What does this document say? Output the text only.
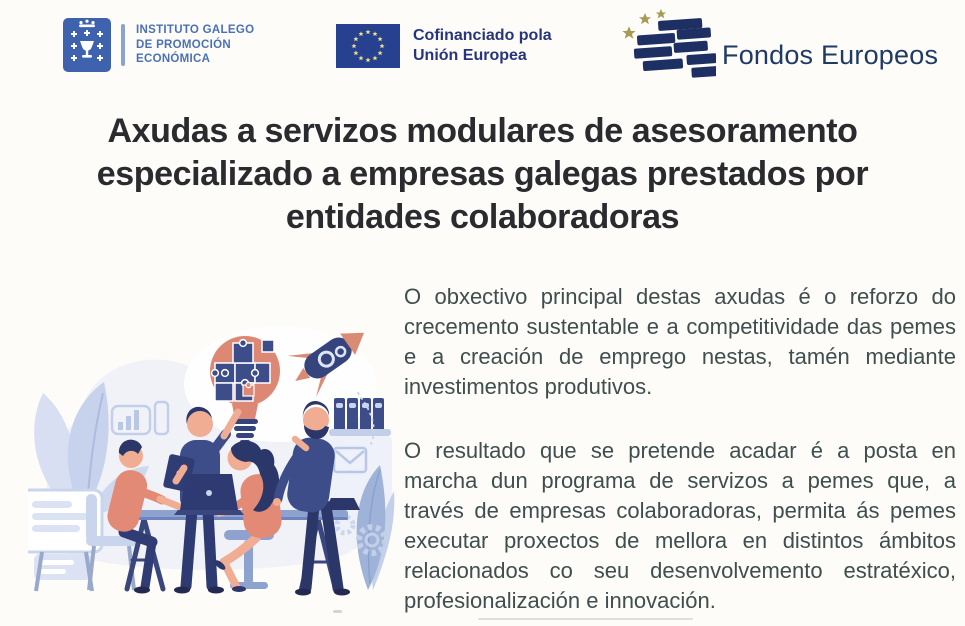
INSTITUTO GALEGO
DE PROMOCIÓN
ECONÓMICA
Cofinanciado pola
Unión Europea	Fondos Europeos
Axudas a servizos modulares de asesoramento
especializado a empresas galegas prestados por
entidades colaboradoras

O obxectivo principal destas axudas é o reforzo do crecemento sustentable e a competitividade das pemes e a creación de emprego nestas, tamén mediante investimentos produtivos.

O resultado que se pretende acadar é a posta en marcha dun programa de servizos a pemes que, a través de empresas colaboradoras, permita ás pemes executar proxectos de mellora en distintos ámbitos relacionados co seu desenvolvemento estratéxico, profesionalización e innovación.
